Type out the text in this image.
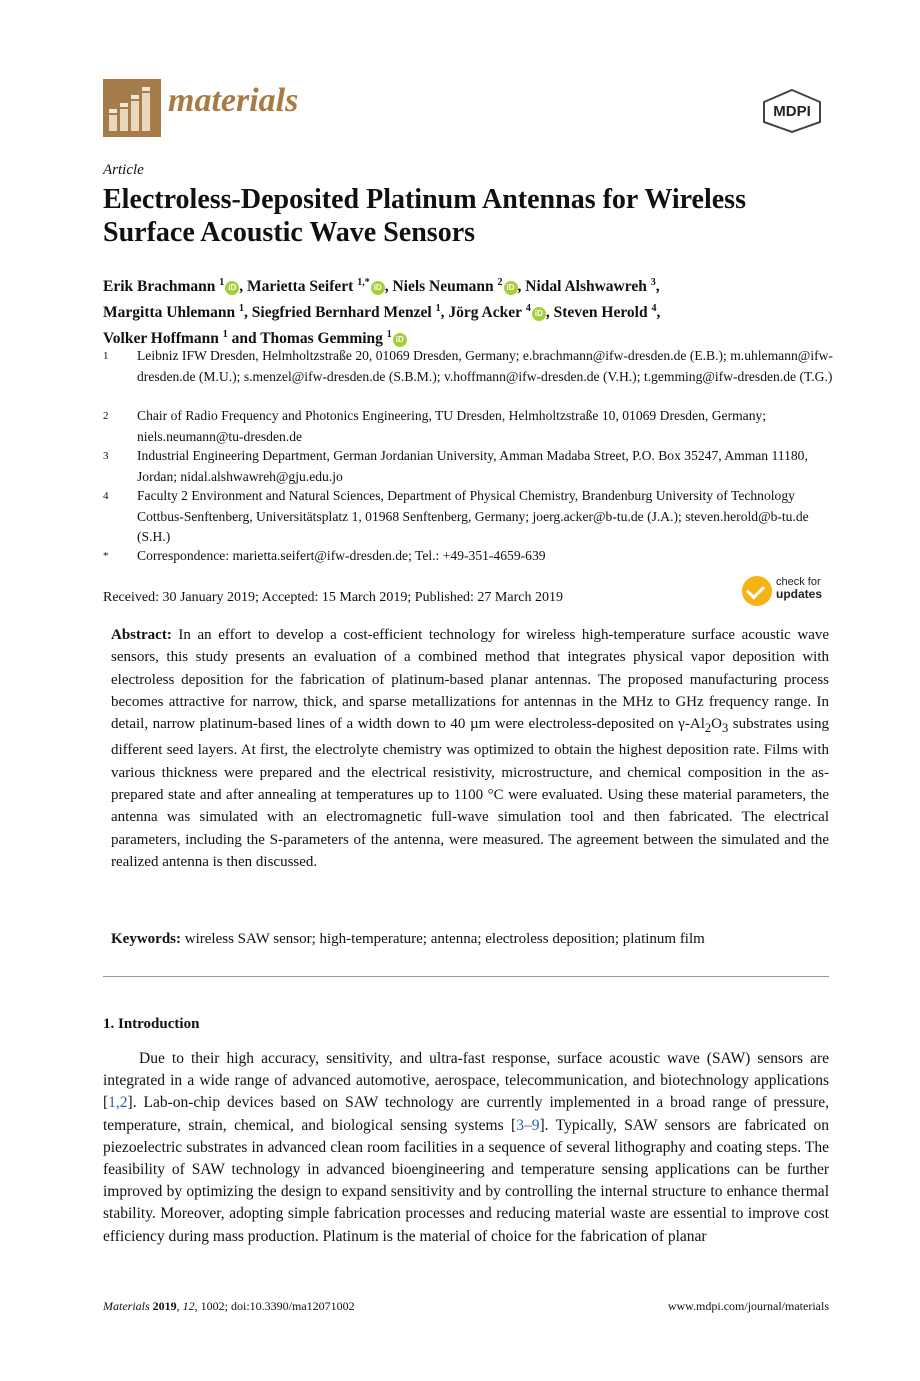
materials	MDPI
Article
Electroless-Deposited Platinum Antennas for Wireless Surface Acoustic Wave Sensors
Erik Brachmann $^1$ iD , Marietta Seifert $^{1,*}$ iD , Niels Neumann $^2$ iD , Nidal Alshwawreh $^3$,
Margitta Uhlemann $^1$, Siegfried Bernhard Menzel $^1$, Jörg Acker $^4$ iD , Steven Herold $^4$,
Volker Hoffmann $^1$ and Thomas Gemming $^1$ iD
1	Leibniz IFW Dresden, Helmholtzstraße 20, 01069 Dresden, Germany; e.brachmann@ifw-dresden.de (E.B.); m.uhlemann@ifw-dresden.de (M.U.); s.menzel@ifw-dresden.de (S.B.M.); v.hoffmann@ifw-dresden.de (V.H.); t.gemming@ifw-dresden.de (T.G.)
2	Chair of Radio Frequency and Photonics Engineering, TU Dresden, Helmholtzstraße 10, 01069 Dresden, Germany; niels.neumann@tu-dresden.de
3	Industrial Engineering Department, German Jordanian University, Amman Madaba Street, P.O. Box 35247, Amman 11180, Jordan; nidal.alshwawreh@gju.edu.jo
4	Faculty 2 Environment and Natural Sciences, Department of Physical Chemistry, Brandenburg University of Technology Cottbus-Senftenberg, Universitätsplatz 1, 01968 Senftenberg, Germany; joerg.acker@b-tu.de (J.A.); steven.herold@b-tu.de (S.H.)
*	Correspondence: marietta.seifert@ifw-dresden.de; Tel.: +49-351-4659-639
Received: 30 January 2019; Accepted: 15 March 2019; Published: 27 March 2019
check for
updates
Abstract: In an effort to develop a cost-efficient technology for wireless high-temperature surface acoustic wave sensors, this study presents an evaluation of a combined method that integrates physical vapor deposition with electroless deposition for the fabrication of platinum-based planar antennas. The proposed manufacturing process becomes attractive for narrow, thick, and sparse metallizations for antennas in the MHz to GHz frequency range. In detail, narrow platinum-based lines of a width down to 40 µm were electroless-deposited on $\gamma-Al_2O_3$ substrates using different seed layers. At first, the electrolyte chemistry was optimized to obtain the highest deposition rate. Films with various thickness were prepared and the electrical resistivity, microstructure, and chemical composition in the as-prepared state and after annealing at temperatures up to 1100 °C were evaluated. Using these material parameters, the antenna was simulated with an electromagnetic full-wave simulation tool and then fabricated. The electrical parameters, including the S-parameters of the antenna, were measured. The agreement between the simulated and the realized antenna is then discussed.
Keywords: wireless SAW sensor; high-temperature; antenna; electroless deposition; platinum film
1. Introduction
Due to their high accuracy, sensitivity, and ultra-fast response, surface acoustic wave (SAW) sensors are integrated in a wide range of advanced automotive, aerospace, telecommunication, and biotechnology applications [1,2]. Lab-on-chip devices based on SAW technology are currently implemented in a broad range of pressure, temperature, strain, chemical, and biological sensing systems [3–9]. Typically, SAW sensors are fabricated on piezoelectric substrates in advanced clean room facilities in a sequence of several lithography and coating steps. The feasibility of SAW technology in advanced bioengineering and temperature sensing applications can be further improved by optimizing the design to expand sensitivity and by controlling the internal structure to enhance thermal stability. Moreover, adopting simple fabrication processes and reducing material waste are essential to improve cost efficiency during mass production. Platinum is the material of choice for the fabrication of planar
Materials 2019, 12, 1002; doi:10.3390/ma12071002	www.mdpi.com/journal/materials
